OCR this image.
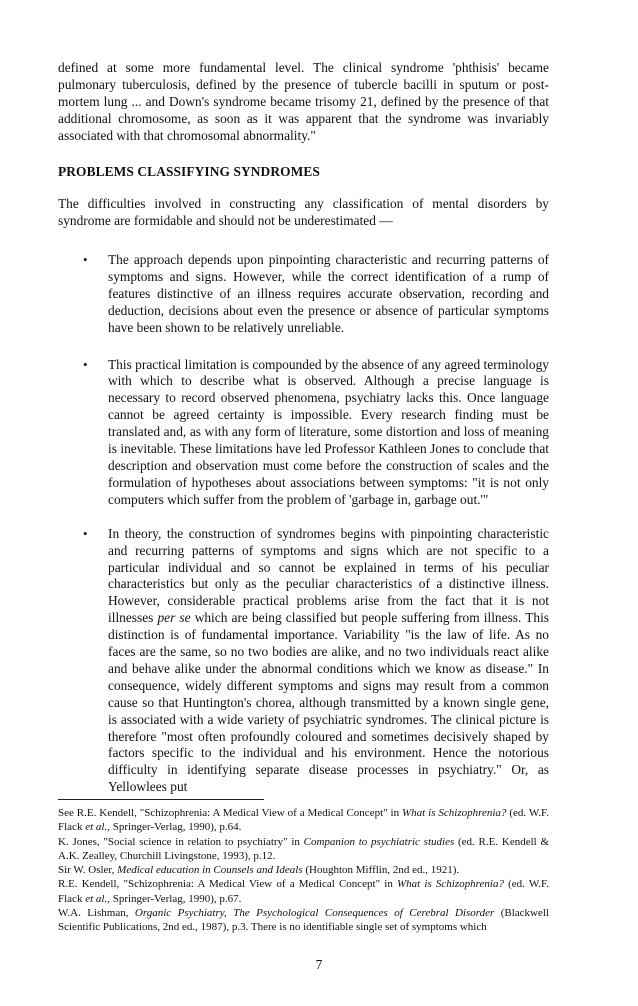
defined at some more fundamental level. The clinical syndrome 'phthisis' became pulmonary tuberculosis, defined by the presence of tubercle bacilli in sputum or post-mortem lung ... and Down's syndrome became trisomy 21, defined by the presence of that additional chromosome, as soon as it was apparent that the syndrome was invariably associated with that chromosomal abnormality."

PROBLEMS CLASSIFYING SYNDROMES

The difficulties involved in constructing any classification of mental disorders by syndrome are formidable and should not be underestimated —

• The approach depends upon pinpointing characteristic and recurring patterns of symptoms and signs. However, while the correct identification of a rump of features distinctive of an illness requires accurate observation, recording and deduction, decisions about even the presence or absence of particular symptoms have been shown to be relatively unreliable.
• This practical limitation is compounded by the absence of any agreed terminology with which to describe what is observed. Although a precise language is necessary to record observed phenomena, psychiatry lacks this. Once language cannot be agreed certainty is impossible. Every research finding must be translated and, as with any form of literature, some distortion and loss of meaning is inevitable. These limitations have led Professor Kathleen Jones to conclude that description and observation must come before the construction of scales and the formulation of hypotheses about associations between symptoms: "it is not only computers which suffer from the problem of 'garbage in, garbage out.'"
• In theory, the construction of syndromes begins with pinpointing characteristic and recurring patterns of symptoms and signs which are not specific to a particular individual and so cannot be explained in terms of his peculiar characteristics but only as the peculiar characteristics of a distinctive illness. However, considerable practical problems arise from the fact that it is not illnesses per se which are being classified but people suffering from illness. This distinction is of fundamental importance. Variability "is the law of life. As no faces are the same, so no two bodies are alike, and no two individuals react alike and behave alike under the abnormal conditions which we know as disease." In consequence, widely different symptoms and signs may result from a common cause so that Huntington's chorea, although transmitted by a known single gene, is associated with a wide variety of psychiatric syndromes. The clinical picture is therefore "most often profoundly coloured and sometimes decisively shaped by factors specific to the individual and his environment. Hence the notorious difficulty in identifying separate disease processes in psychiatry." Or, as Yellowlees put

See R.E. Kendell, "Schizophrenia: A Medical View of a Medical Concept" in What is Schizophrenia? (ed. W.F. Flack et al., Springer-Verlag, 1990), p.64.

K. Jones, "Social science in relation to psychiatry" in Companion to psychiatric studies (ed. R.E. Kendell & A.K. Zealley, Churchill Livingstone, 1993), p.12.

Sir W. Osler, Medical education in Counsels and Ideals (Houghton Mifflin, 2nd ed., 1921).

R.E. Kendell, "Schizophrenia: A Medical View of a Medical Concept" in What is Schizophrenia? (ed. W.F. Flack et al., Springer-Verlag, 1990), p.67.

W.A. Lishman, Organic Psychiatry, The Psychological Consequences of Cerebral Disorder (Blackwell Scientific Publications, 2nd ed., 1987), p.3. There is no identifiable single set of symptoms which

7
